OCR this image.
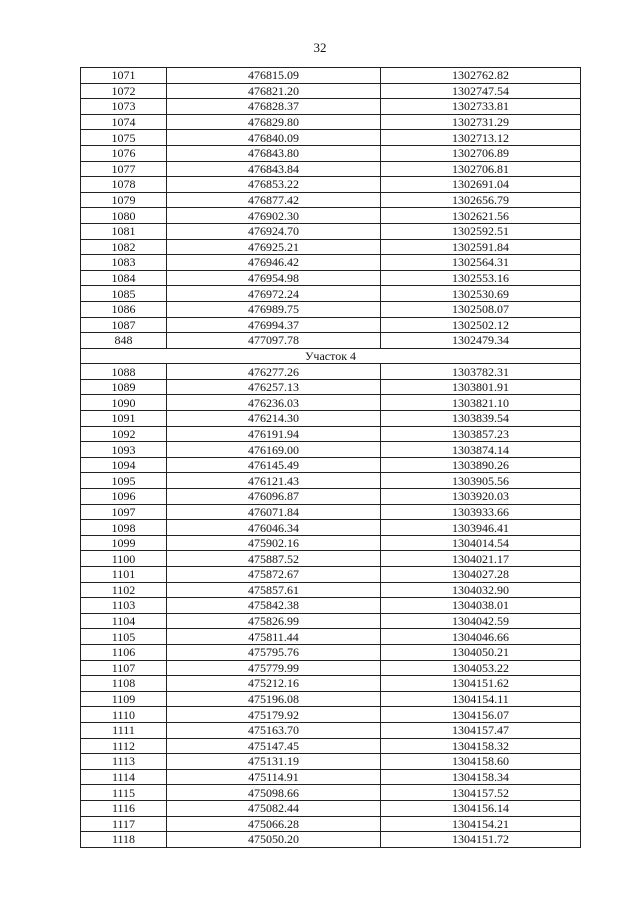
32
1071	476815.09	1302762.82
1072	476821.20	1302747.54
1073	476828.37	1302733.81
1074	476829.80	1302731.29
1075	476840.09	1302713.12
1076	476843.80	1302706.89
1077	476843.84	1302706.81
1078	476853.22	1302691.04
1079	476877.42	1302656.79
1080	476902.30	1302621.56
1081	476924.70	1302592.51
1082	476925.21	1302591.84
1083	476946.42	1302564.31
1084	476954.98	1302553.16
1085	476972.24	1302530.69
1086	476989.75	1302508.07
1087	476994.37	1302502.12
848	477097.78	1302479.34
Участок 4		
1088	476277.26	1303782.31
1089	476257.13	1303801.91
1090	476236.03	1303821.10
1091	476214.30	1303839.54
1092	476191.94	1303857.23
1093	476169.00	1303874.14
1094	476145.49	1303890.26
1095	476121.43	1303905.56
1096	476096.87	1303920.03
1097	476071.84	1303933.66
1098	476046.34	1303946.41
1099	475902.16	1304014.54
1100	475887.52	1304021.17
1101	475872.67	1304027.28
1102	475857.61	1304032.90
1103	475842.38	1304038.01
1104	475826.99	1304042.59
1105	475811.44	1304046.66
1106	475795.76	1304050.21
1107	475779.99	1304053.22
1108	475212.16	1304151.62
1109	475196.08	1304154.11
1110	475179.92	1304156.07
1111	475163.70	1304157.47
1112	475147.45	1304158.32
1113	475131.19	1304158.60
1114	475114.91	1304158.34
1115	475098.66	1304157.52
1116	475082.44	1304156.14
1117	475066.28	1304154.21
1118	475050.20	1304151.72
